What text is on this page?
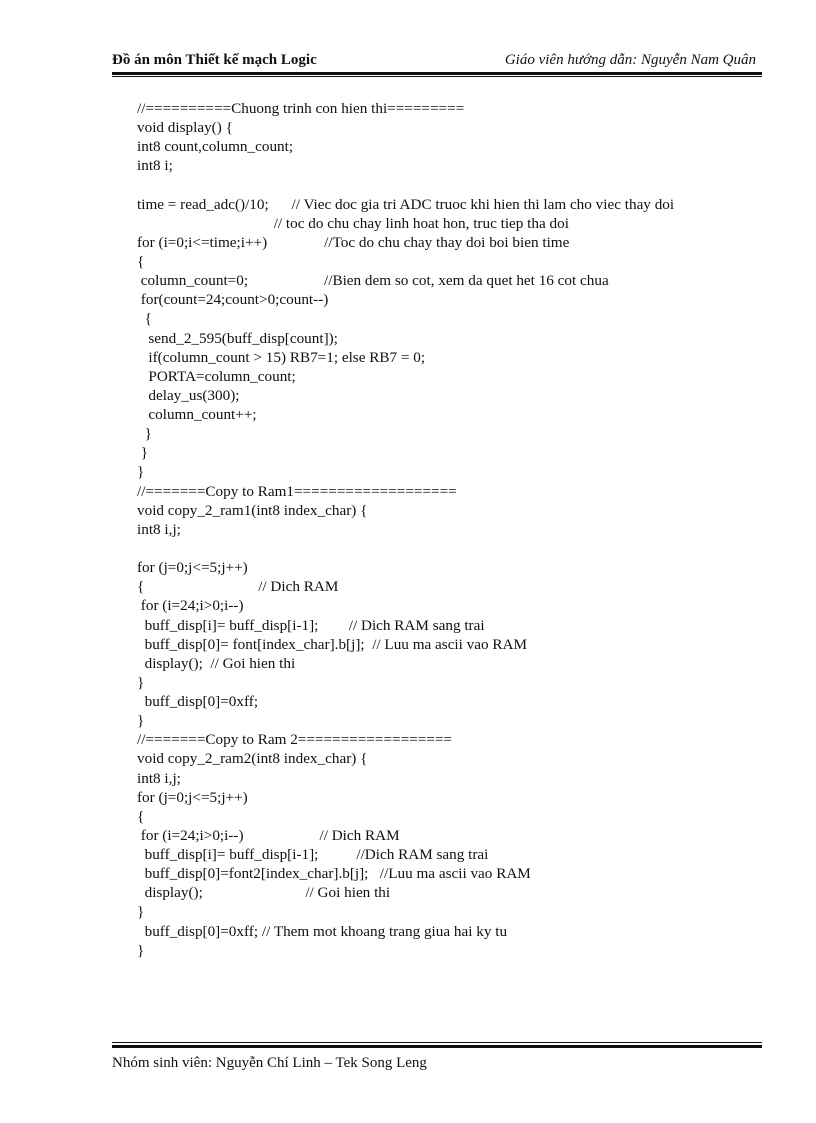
Đồ án môn Thiết kế mạch Logic	Giáo viên hướng dẫn: Nguyễn Nam Quân
//==========Chuong trinh con hien thi=========
void display() {
int8 count,column_count;
int8 i;
time = read_adc()/10;      // Viec doc gia tri ADC truoc khi hien thi lam cho viec thay doi
// toc do chu chay linh hoat hon, truc tiep tha doi
for (i=0;i<=time;i++)               //Toc do chu chay thay doi boi bien time
{
column_count=0;                    //Bien dem so cot, xem da quet het 16 cot chua
for(count=24;count>0;count--)
{
send_2_595(buff_disp[count]);
if(column_count > 15) RB7=1; else RB7 = 0;
PORTA=column_count;
delay_us(300);
column_count++;
}
}
}
//=======Copy to Ram1===================
void copy_2_ram1(int8 index_char) {
int8 i,j;
for (j=0;j<=5;j++)
{                              // Dich RAM
for (i=24;i>0;i--)
buff_disp[i]= buff_disp[i-1];        // Dich RAM sang trai
buff_disp[0]= font[index_char].b[j];  // Luu ma ascii vao RAM
display();  // Goi hien thi
}
buff_disp[0]=0xff;
}
//=======Copy to Ram 2==================
void copy_2_ram2(int8 index_char) {
int8 i,j;
for (j=0;j<=5;j++)
{
for (i=24;i>0;i--)                    // Dich RAM
buff_disp[i]= buff_disp[i-1];          //Dich RAM sang trai
buff_disp[0]=font2[index_char].b[j];   //Luu ma ascii vao RAM
display();                           // Goi hien thi
}
buff_disp[0]=0xff; // Them mot khoang trang giua hai ky tu
}
Nhóm sinh viên: Nguyễn Chí Linh – Tek Song Leng
